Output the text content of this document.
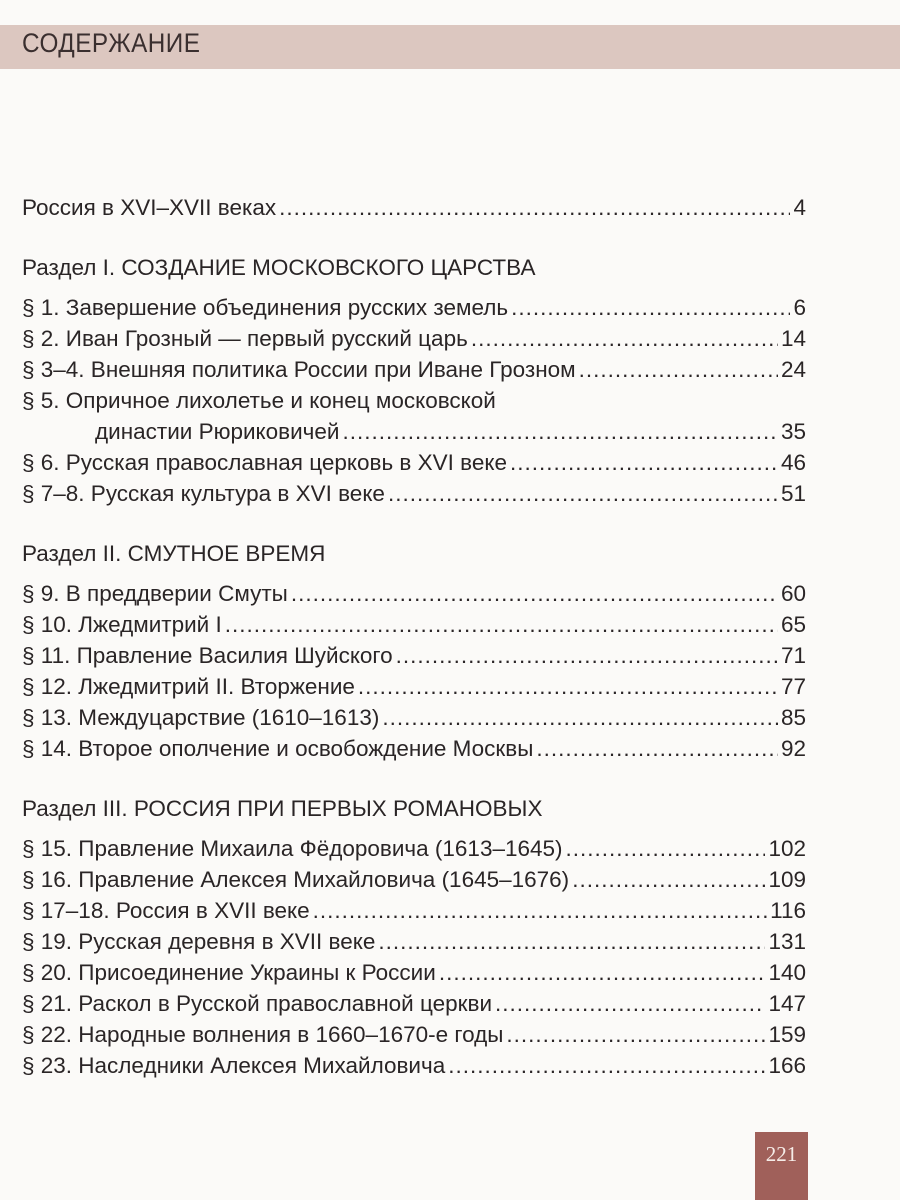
СОДЕРЖАНИЕ
Россия в XVI–XVII веках .....	4
Раздел I. СОЗДАНИЕ МОСКОВСКОГО ЦАРСТВА
§ 1. Завершение объединения русских земель .....	6
§ 2. Иван Грозный — первый русский царь .....	14
§ 3–4. Внешняя политика России при Иване Грозном .....	24
§ 5. Опричное лихолетье и конец московской
династии Рюриковичей .....	35
§ 6. Русская православная церковь в XVI веке .....	46
§ 7–8. Русская культура в XVI веке .....	51
Раздел II. СМУТНОЕ ВРЕМЯ
§ 9. В преддверии Смуты .....	60
§ 10. Лжедмитрий I .....	65
§ 11. Правление Василия Шуйского .....	71
§ 12. Лжедмитрий II. Вторжение .....	77
§ 13. Междуцарствие (1610–1613) .....	85
§ 14. Второе ополчение и освобождение Москвы .....	92
Раздел III. РОССИЯ ПРИ ПЕРВЫХ РОМАНОВЫХ
§ 15. Правление Михаила Фёдоровича (1613–1645) .....	102
§ 16. Правление Алексея Михайловича (1645–1676) .....	109
§ 17–18. Россия в XVII веке .....	116
§ 19. Русская деревня в XVII веке .....	131
§ 20. Присоединение Украины к России .....	140
§ 21. Раскол в Русской православной церкви .....	147
§ 22. Народные волнения в 1660–1670-е годы .....	159
§ 23. Наследники Алексея Михайловича .....	166
221
